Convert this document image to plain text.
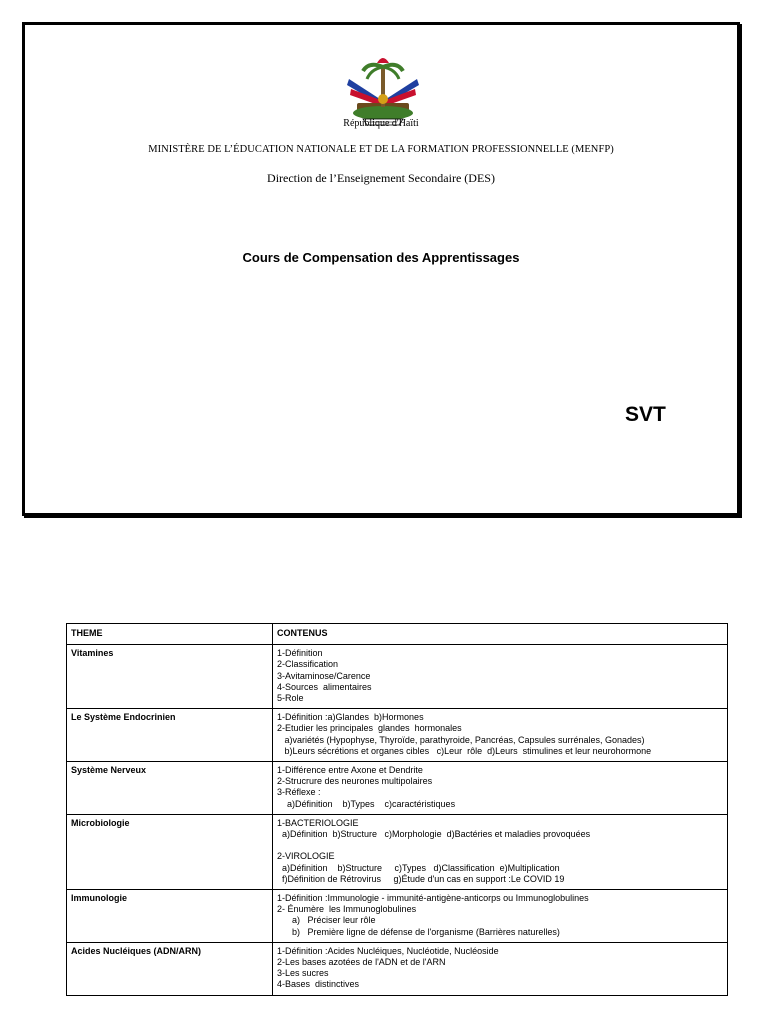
République d'Haïti
MINISTÈRE DE L’ÉDUCATION NATIONALE ET DE LA FORMATION PROFESSIONNELLE (MENFP)
Direction de l’Enseignement Secondaire (DES)
Cours de Compensation des Apprentissages
SVT
THEME	CONTENUS
Vitamines	1-Définition
2-Classification
3-Avitaminose/Carence
4-Sources  alimentaires
5-Role

Le Système Endocrinien	1-Définition :a)Glandes  b)Hormones
2-Etudier les principales  glandes  hormonales
a)variétés (Hypophyse, Thyroïde, parathyroide, Pancréas, Capsules surrénales, Gonades)
b)Leurs sécrétions et organes cibles   c)Leur  rôle  d)Leurs  stimulines et leur neurohormone

Système Nerveux	1-Différence entre Axone et Dendrite
2-Strucrure des neurones multipolaires
3-Réflexe :
a)Définition    b)Types    c)caractéristiques

Microbiologie	1-BACTERIOLOGIE
a)Définition  b)Structure   c)Morphologie  d)Bactéries et maladies provoquées
2-VIROLOGIE
a)Définition    b)Structure     c)Types   d)Classification  e)Multiplication
f)Définition de Rétrovirus     g)Étude d'un cas en support :Le COVID 19

Immunologie	1-Définition :Immunologie - immunité-antigène-anticorps ou Immunoglobulines
2- Énumère  les Immunoglobulines
a)   Préciser leur rôle
b)   Première ligne de défense de l'organisme (Barrières naturelles)

Acides Nucléiques (ADN/ARN)	1-Définition :Acides Nucléiques, Nucléotide, Nucléoside
2-Les bases azotées de l'ADN et de l'ARN
3-Les sucres
4-Bases  distinctives
